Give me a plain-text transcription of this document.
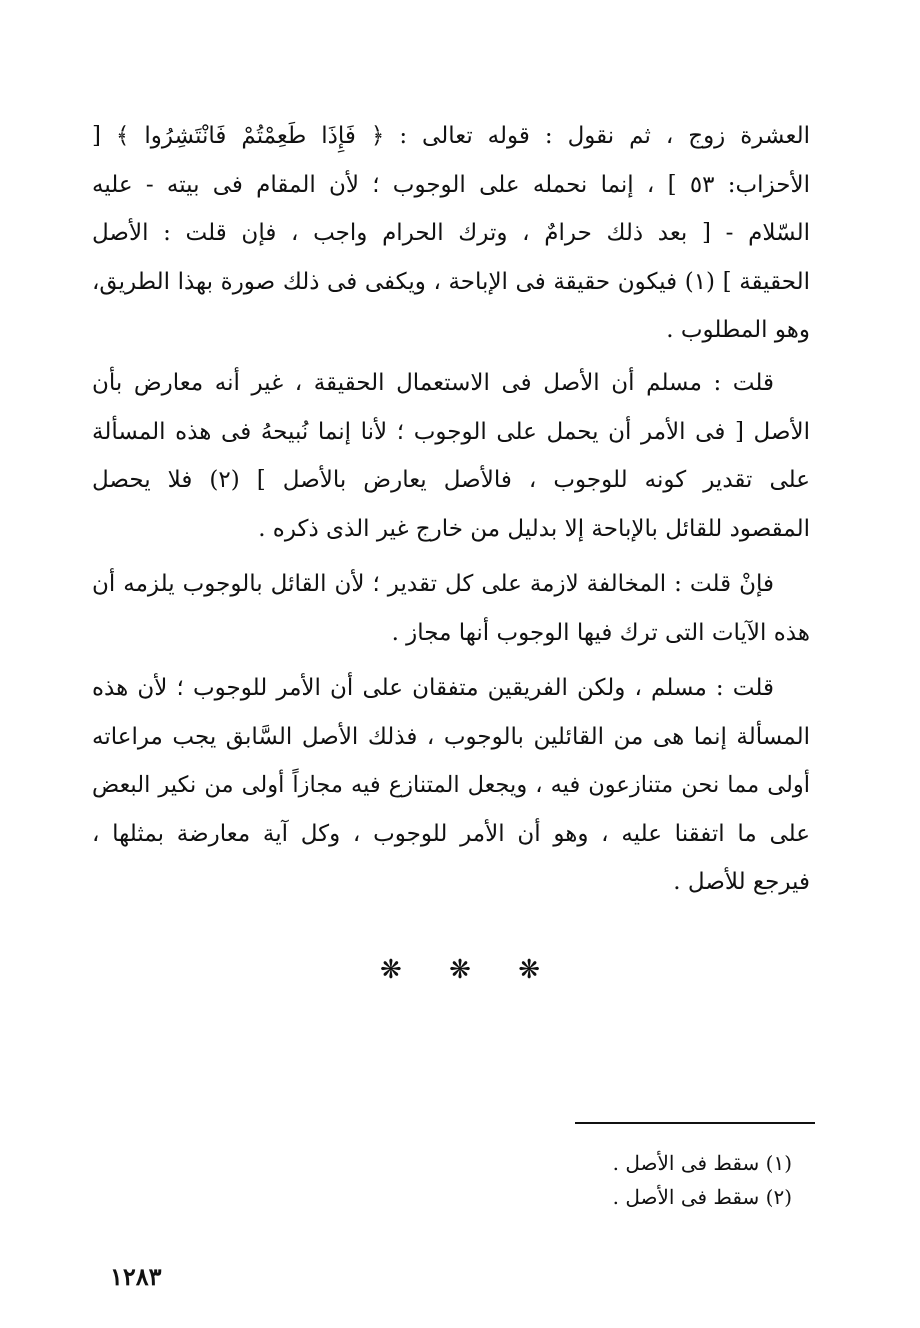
العشرة زوج ، ثم نقول : قوله تعالى : ﴿ فَإِذَا طَعِمْتُمْ فَانْتَشِرُوا ﴾ [
الأحزاب: ٥٣ ] ، إنما نحمله على الوجوب ؛ لأن المقام فى بيته - عليه
السّلام - [ بعد ذلك حرامٌ ، وترك الحرام واجب ، فإن قلت : الأصل
الحقيقة ] (١) فيكون حقيقة فى الإباحة ، ويكفى فى ذلك صورة بهذا الطريق،
وهو المطلوب .
قلت : مسلم أن الأصل فى الاستعمال الحقيقة ، غير أنه معارض بأن
الأصل [ فى الأمر أن يحمل على الوجوب ؛ لأنا إنما نُبيحهُ فى هذه المسألة
على تقدير كونه للوجوب ، فالأصل يعارض بالأصل ] (٢) فلا يحصل
المقصود للقائل بالإباحة إلا بدليل من خارج غير الذى ذكره .
فإنْ قلت : المخالفة لازمة على كل تقدير ؛ لأن القائل بالوجوب يلزمه أن
هذه الآيات التى ترك فيها الوجوب أنها مجاز .
قلت : مسلم ، ولكن الفريقين متفقان على أن الأمر للوجوب ؛ لأن هذه
المسألة إنما هى من القائلين بالوجوب ، فذلك الأصل السَّابق يجب مراعاته
أولى مما نحن متنازعون فيه ، ويجعل المتنازع فيه مجازاً أولى من نكير البعض
على ما اتفقنا عليه ، وهو أن الأمر للوجوب ، وكل آية معارضة بمثلها ،
فيرجع للأصل .
❋ ❋ ❋
(١) سقط فى الأصل .
(٢) سقط فى الأصل .
١٢٨٣
